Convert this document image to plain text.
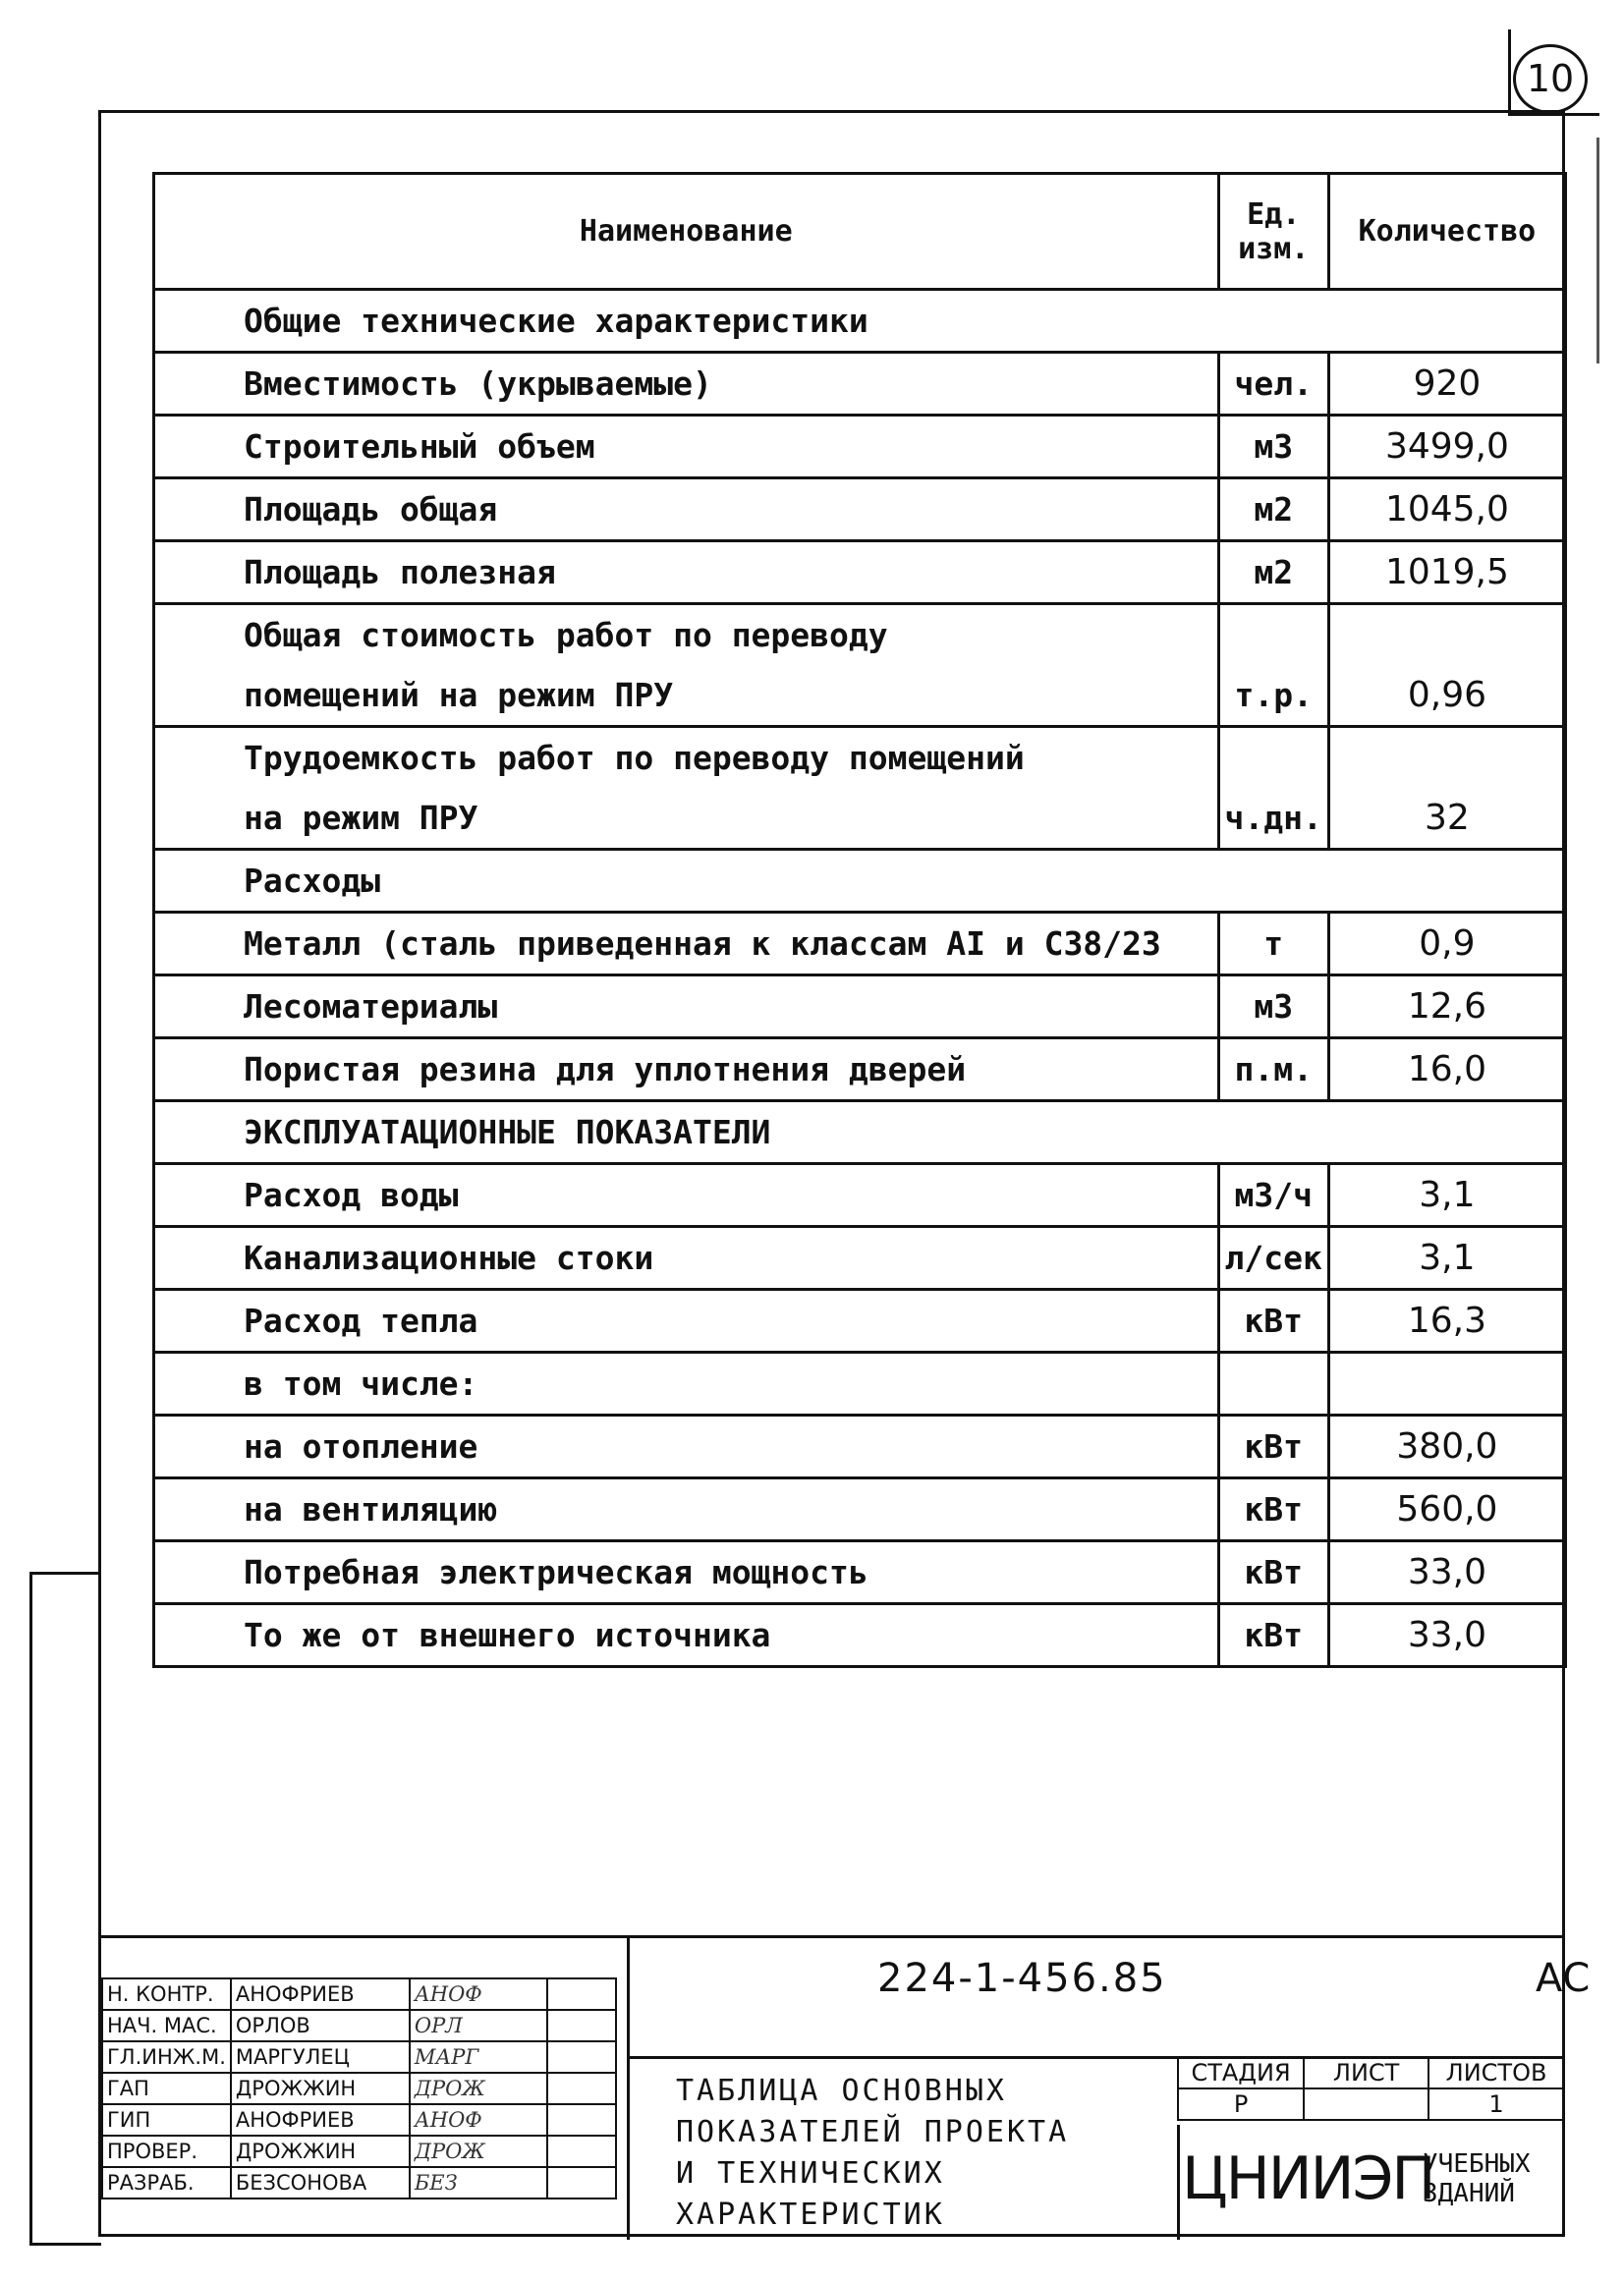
10
Наименование	Ед. изм.	Количество
Общие технические характеристики		
Вместимость (укрываемые)	чел.	920
Строительный объем	м3	3499,0
Площадь общая	м2	1045,0
Площадь полезная	м2	1019,5
Общая стоимость работ по переводу		
помещений на режим ПРУ	т.р.	0,96
Трудоемкость работ по переводу помещений		
на режим ПРУ	ч.дн.	32
Расходы		
Металл (сталь приведенная к классам AI и С38/23	т	0,9
Лесоматериалы	м3	12,6
Пористая резина для уплотнения дверей	п.м.	16,0
ЭКСПЛУАТАЦИОННЫЕ ПОКАЗАТЕЛИ		
Расход воды	м3/ч	3,1
Канализационные стоки	л/сек	3,1
Расход тепла	кВт	16,3
в том числе:		
на отопление	кВт	380,0
на вентиляцию	кВт	560,0
Потребная электрическая мощность	кВт	33,0
То же от внешнего источника	кВт	33,0
224-1-456.85	АС
Н. КОНТР.	АНОФРИЕВ	АНОФ	
НАЧ. МАС.	ОРЛОВ	ОРЛ	
ГЛ.ИНЖ.М.	МАРГУЛЕЦ	МАРГ	
ГАП	ДРОЖЖИН	ДРОЖ	
ГИП	АНОФРИЕВ	АНОФ	
ПРОВЕР.	ДРОЖЖИН	ДРОЖ	
РАЗРАБ.	БЕЗСОНОВА	БЕЗ	
ТАБЛИЦА ОСНОВНЫХ
ПОКАЗАТЕЛЕЙ ПРОЕКТА
И ТЕХНИЧЕСКИХ
ХАРАКТЕРИСТИК
СТАДИЯ	ЛИСТ	ЛИСТОВ
Р		1
ЦНИИЭП
УЧЕБНЫХ
ЗДАНИЙ
